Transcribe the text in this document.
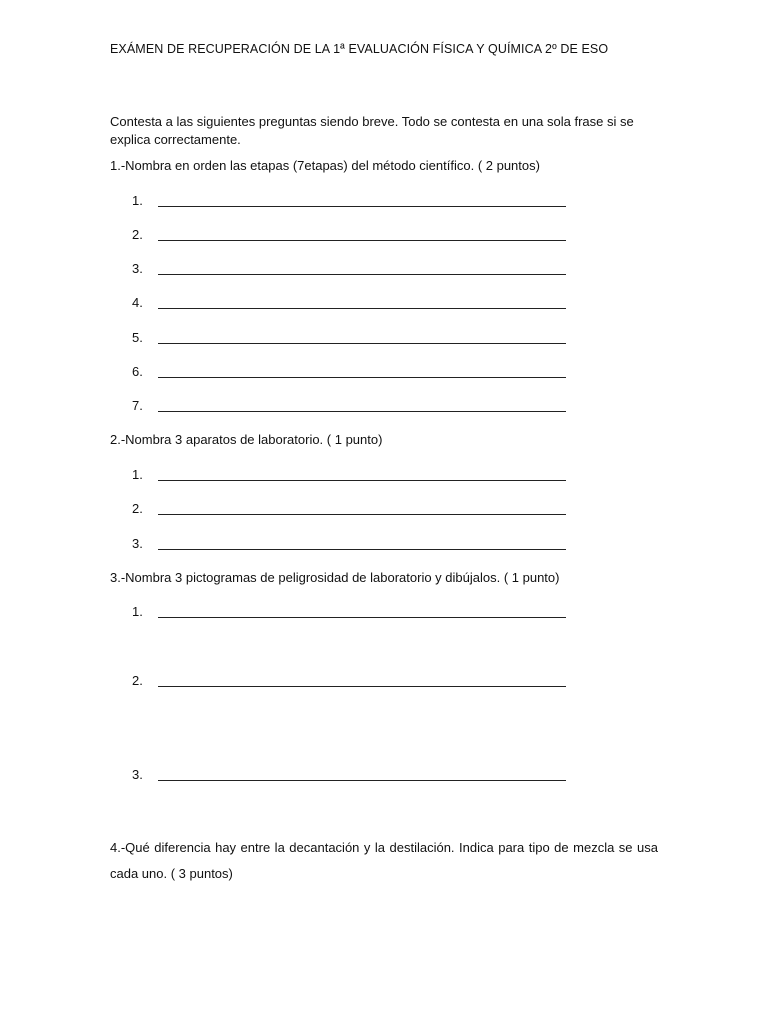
EXÁMEN DE RECUPERACIÓN DE LA 1ª EVALUACIÓN FÍSICA Y QUÍMICA 2º DE ESO
Contesta a las siguientes preguntas siendo breve. Todo se contesta en una sola frase si se explica correctamente.
1.-Nombra en orden las etapas (7etapas) del método científico. ( 2 puntos)
1.
2.
3.
4.
5.
6.
7.
2.-Nombra 3 aparatos de laboratorio. ( 1 punto)
1.
2.
3.
3.-Nombra 3 pictogramas de peligrosidad de laboratorio y dibújalos. ( 1 punto)
1.
2.
3.
4.-Qué diferencia hay entre la decantación y la destilación. Indica para tipo de mezcla se usa cada uno. ( 3 puntos)
